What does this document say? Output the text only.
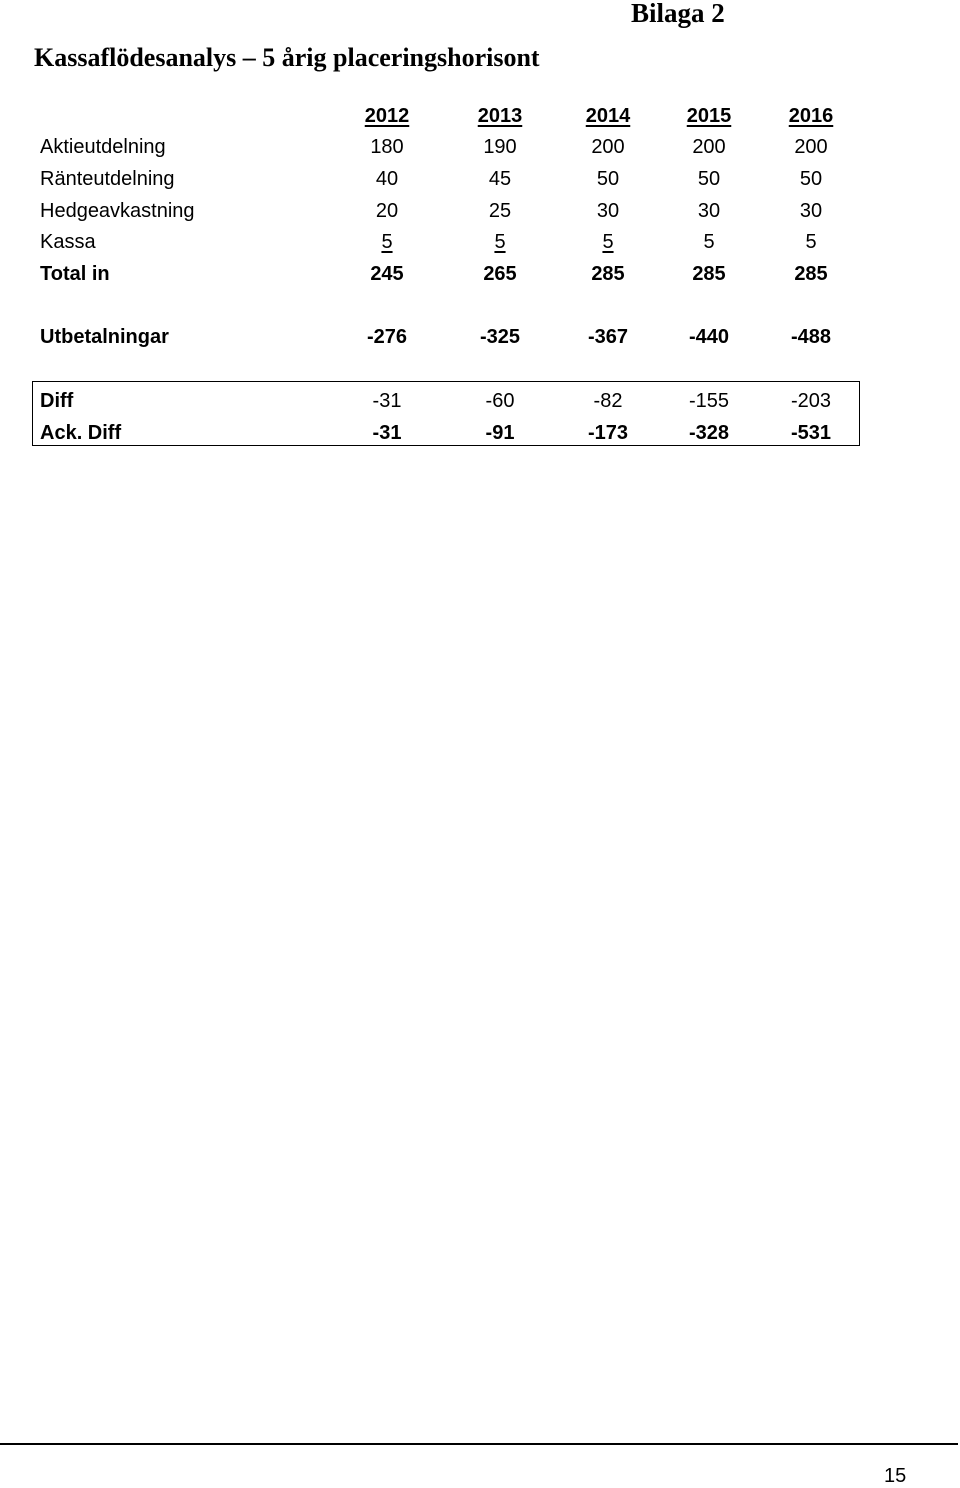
Bilaga 2
Kassaflödesanalys – 5 årig placeringshorisont
2012	2013	2014	2015	2016
Aktieutdelning	180	190	200	200	200
Ränteutdelning	40	45	50	50	50
Hedgeavkastning	20	25	30	30	30
Kassa	5	5	5	5	5
Total in	245	265	285	285	285
Utbetalningar	-276	-325	-367	-440	-488
Diff	-31	-60	-82	-155	-203
Ack. Diff	-31	-91	-173	-328	-531
15
